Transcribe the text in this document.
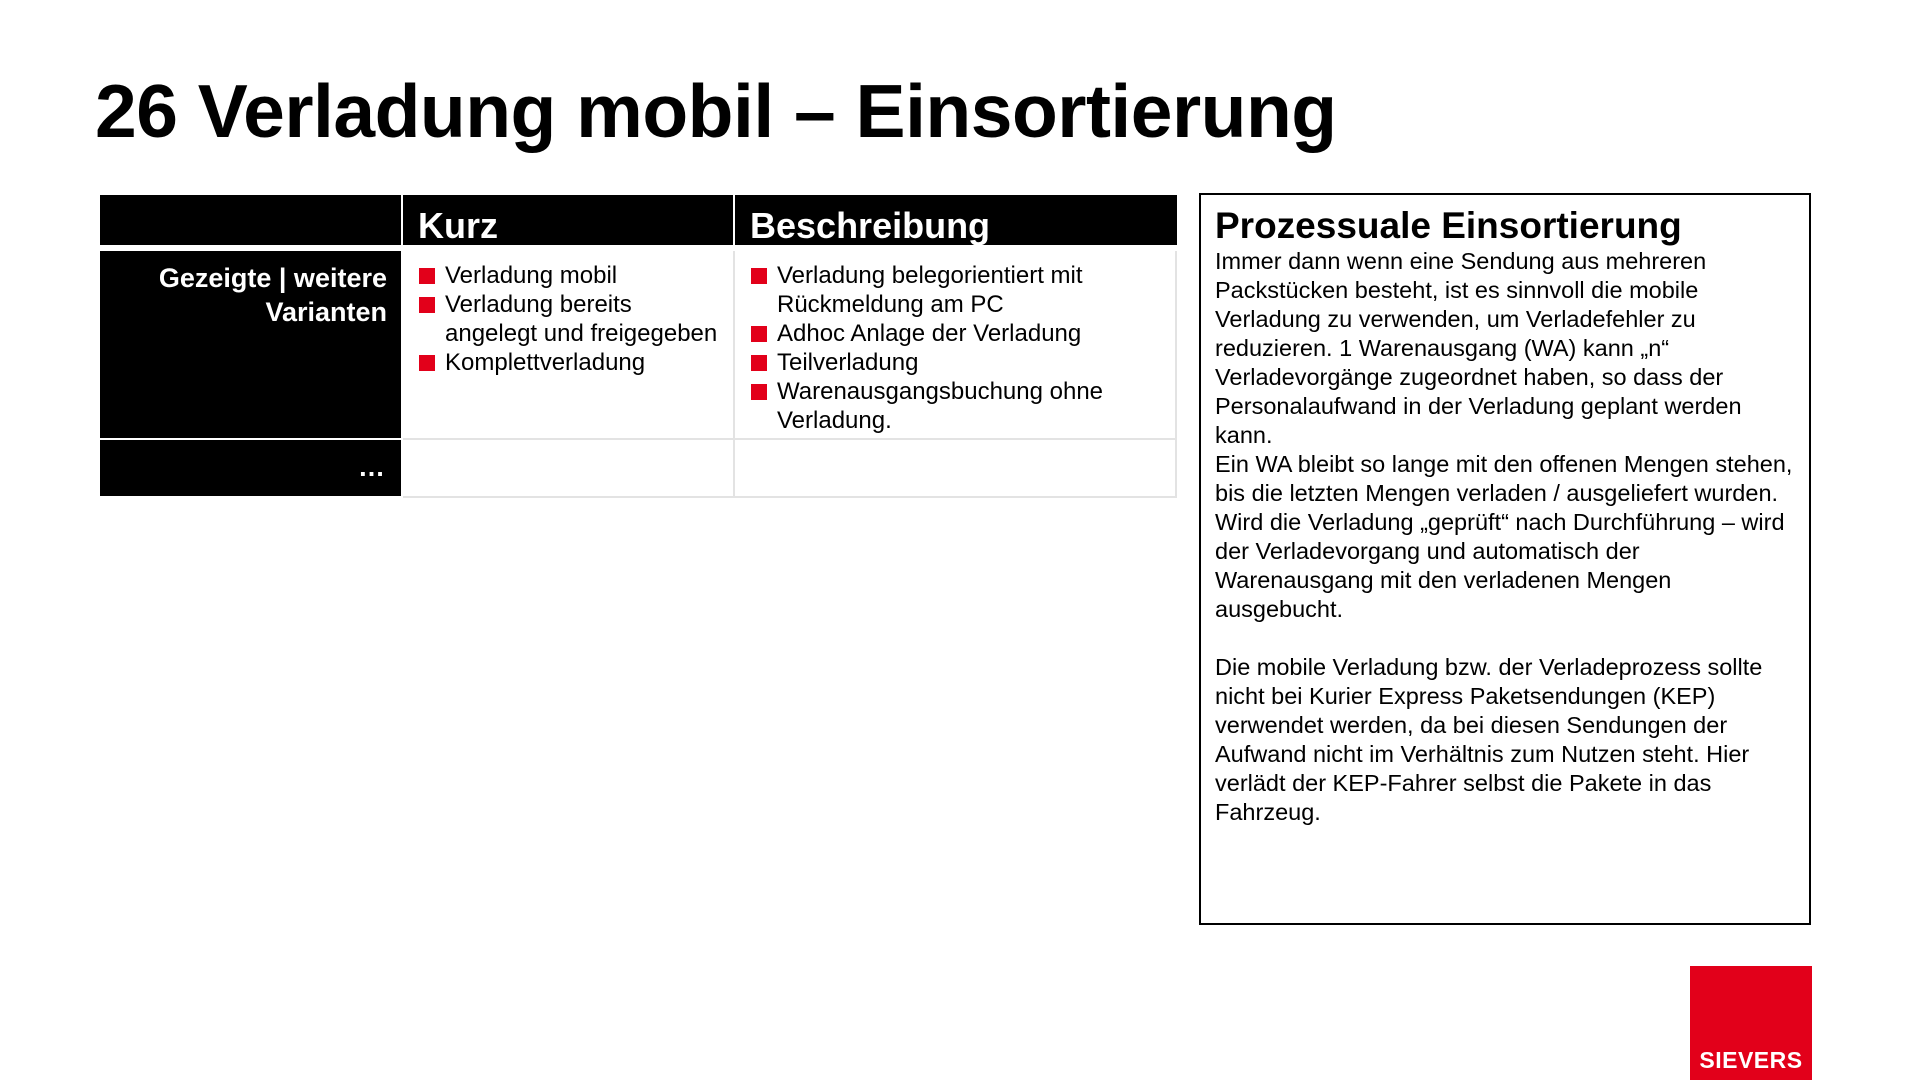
26 Verladung mobil – Einsortierung
Kurz	Beschreibung
Gezeigte | weitere Varianten
Verladung mobil
Verladung bereits angelegt und freigegeben
Komplettverladung
Verladung belegorientiert mit Rückmeldung am PC
Adhoc Anlage der Verladung
Teilverladung
Warenausgangsbuchung ohne Verladung.
…
Prozessuale Einsortierung

Immer dann wenn eine Sendung aus mehreren Packstücken besteht, ist es sinnvoll die mobile Verladung zu verwenden, um Verladefehler zu reduzieren. 1 Warenausgang (WA) kann „n“ Verladevorgänge zugeordnet haben, so dass der Personalaufwand in der Verladung geplant werden kann.

Ein WA bleibt so lange mit den offenen Mengen stehen, bis die letzten Mengen verladen / ausgeliefert wurden.

Wird die Verladung „geprüft“ nach Durchführung – wird der Verladevorgang und automatisch der Warenausgang mit den verladenen Mengen ausgebucht.

Die mobile Verladung bzw. der Verladeprozess sollte nicht bei Kurier Express Paketsendungen (KEP) verwendet werden, da bei diesen Sendungen der Aufwand nicht im Verhältnis zum Nutzen steht. Hier verlädt der KEP-Fahrer selbst die Pakete in das Fahrzeug.

SIEVERS
